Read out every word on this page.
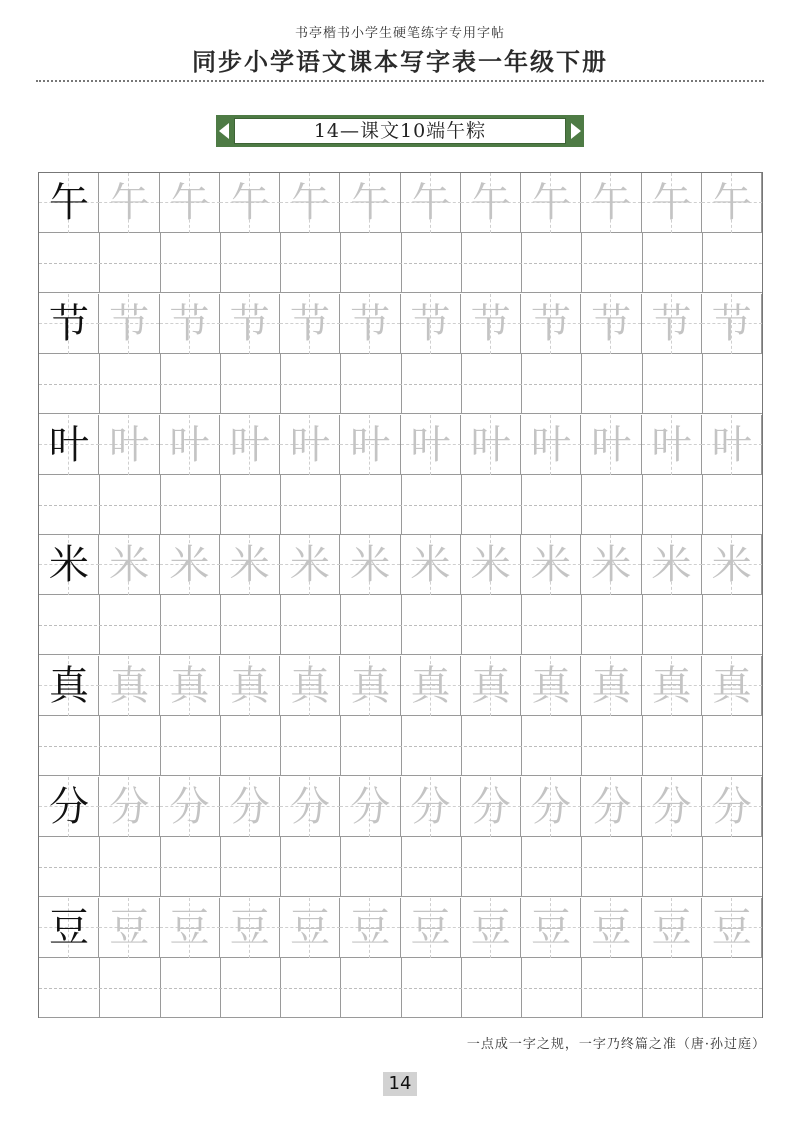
书亭楷书小学生硬笔练字专用字帖
同步小学语文课本写字表一年级下册
14—课文10端午粽
午 午 午 午 午 午 午 午 午 午 午 午
节 节 节 节 节 节 节 节 节 节 节 节
叶 叶 叶 叶 叶 叶 叶 叶 叶 叶 叶 叶
米 米 米 米 米 米 米 米 米 米 米 米
真 真 真 真 真 真 真 真 真 真 真 真
分 分 分 分 分 分 分 分 分 分 分 分
豆 豆 豆 豆 豆 豆 豆 豆 豆 豆 豆 豆
一点成一字之规，一字乃终篇之准（唐·孙过庭）
14
